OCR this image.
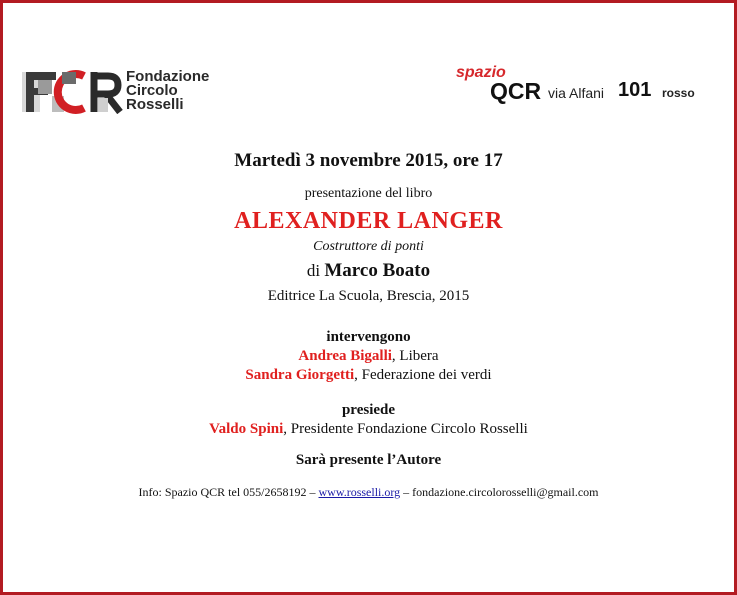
Fondazione
Circolo
Rosselli
spazio
QCR via Alfani 101 rosso
Martedì 3 novembre 2015, ore 17
presentazione del libro
ALEXANDER LANGER
Costruttore di ponti
di Marco Boato
Editrice La Scuola, Brescia, 2015
intervengono
Andrea Bigalli, Libera
Sandra Giorgetti, Federazione dei verdi
presiede
Valdo Spini, Presidente Fondazione Circolo Rosselli
Sarà presente l’Autore
Info: Spazio QCR tel 055/2658192 – www.rosselli.org – fondazione.circolorosselli@gmail.com
